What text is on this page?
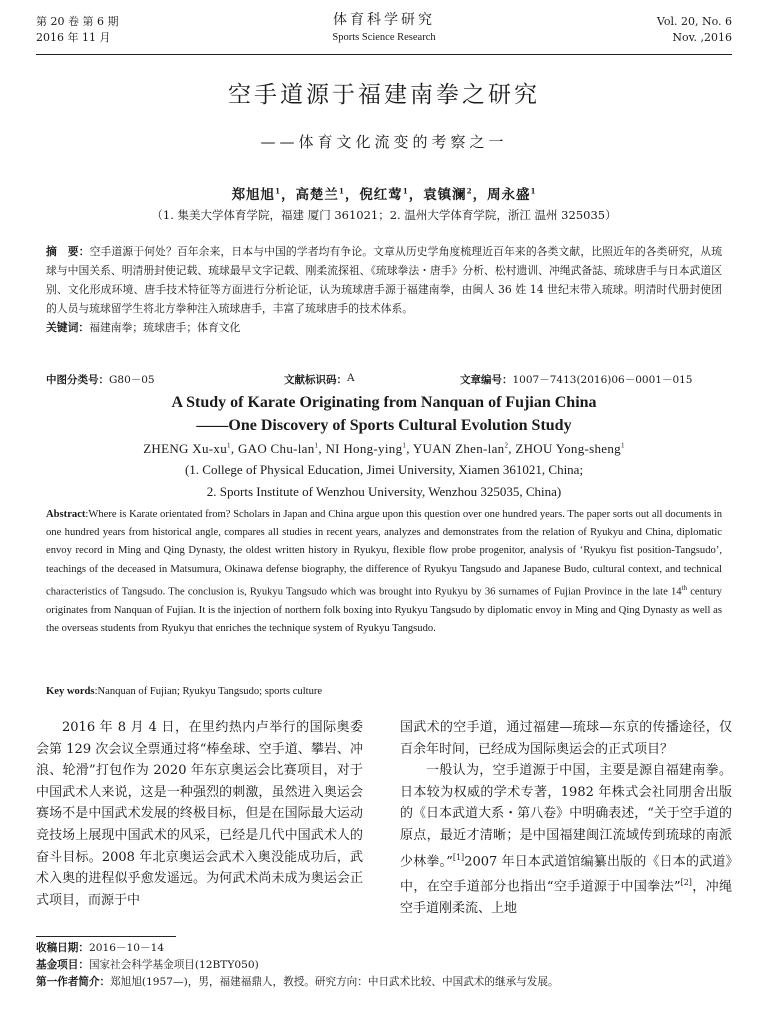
第 20 卷 第 6 期
2016 年 11 月
体育科学研究
Sports Science Research
Vol. 20, No. 6
Nov. ,2016
空手道源于福建南拳之研究
——体育文化流变的考察之一
郑旭旭$^1$，高楚兰$^1$，倪红莺$^1$，袁镇澜$^2$，周永盛$^1$
（1. 集美大学体育学院，福建 厦门 361021；2. 温州大学体育学院，浙江 温州 325035）
摘　要：空手道源于何处？百年余来，日本与中国的学者均有争论。文章从历史学角度梳理近百年来的各类文献，比照近年的各类研究，从琉球与中国关系、明清册封使记载、琉球最早文字记载、刚柔流探祖、《琉球拳法・唐手》分析、松村遗训、冲绳武备誌、琉球唐手与日本武道区别、文化形成环境、唐手技术特征等方面进行分析论证，认为琉球唐手源于福建南拳，由闽人 36 姓 14 世纪末带入琉球。明清时代册封使团的人员与琉球留学生将北方拳种注入琉球唐手，丰富了琉球唐手的技术体系。
关键词：福建南拳；琉球唐手；体育文化
中图分类号： G80－05	文献标识码： A	文章编号： 1007－7413(2016)06－0001－015
A Study of Karate Originating from Nanquan of Fujian China
——One Discovery of Sports Cultural Evolution Study
ZHENG $Xu-xu^1$, GAO Chu-lan$^1$, NI Hong-ying$^1$, YUAN Zhen-lan$^2$, ZHOU Yong-sheng$^1$
(1. College of Physical Education, Jimei University, Xiamen 361021, China;
2. Sports Institute of Wenzhou University, Wenzhou 325035, China)
Abstract:Where is Karate orientated from? Scholars in Japan and China argue upon this question over one hundred years. The paper sorts out all documents in one hundred years from historical angle, compares all studies in recent years, analyzes and demonstrates from the relation of Ryukyu and China, diplomatic envoy record in Ming and Qing Dynasty, the oldest written history in Ryukyu, flexible flow probe progenitor, analysis of ‘Ryukyu fist position-Tangsudo’, teachings of the deceased in Matsumura, Okinawa defense biography, the difference of Ryukyu Tangsudo and Japanese Budo, cultural context, and technical characteristics of Tangsudo. The conclusion is, Ryukyu Tangsudo which was brought into Ryukyu by 36 surnames of Fujian Province in the late 14th century originates from Nanquan of Fujian. It is the injection of northern folk boxing into Ryukyu Tangsudo by diplomatic envoy in Ming and Qing Dynasty as well as the overseas students from Ryukyu that enriches the technique system of Ryukyu Tangsudo.
Key words:Nanquan of Fujian; Ryukyu Tangsudo; sports culture

2016 年 8 月 4 日，在里约热内卢举行的国际奥委会第 129 次会议全票通过将“棒垒球、空手道、攀岩、冲浪、轮滑”打包作为 2020 年东京奥运会比赛项目，对于中国武术人来说，这是一种强烈的刺激，虽然进入奥运会赛场不是中国武术发展的终极目标，但是在国际最大运动竞技场上展现中国武术的风采，已经是几代中国武术人的奋斗目标。2008 年北京奥运会武术入奥没能成功后，武术入奥的进程似乎愈发遥远。为何武术尚未成为奥运会正式项目，而源于中

国武术的空手道，通过福建—琉球—东京的传播途径，仅百余年时间，已经成为国际奥运会的正式项目？

一般认为，空手道源于中国，主要是源自福建南拳。日本较为权威的学术专著，1982 年株式会社同朋舍出版的《日本武道大系・第八卷》中明确表述，“关于空手道的原点，最近才清晰；是中国福建闽江流域传到琉球的南派少林拳。”[1]2007 年日本武道馆编纂出版的《日本的武道》中，在空手道部分也指出“空手道源于中国拳法”[2]，冲绳空手道刚柔流、上地

收稿日期：2016－10－14
基金项目：国家社会科学基金项目(12BTY050)
第一作者简介：郑旭旭(1957—)，男，福建福鼎人，教授。研究方向：中日武术比较、中国武术的继承与发展。
